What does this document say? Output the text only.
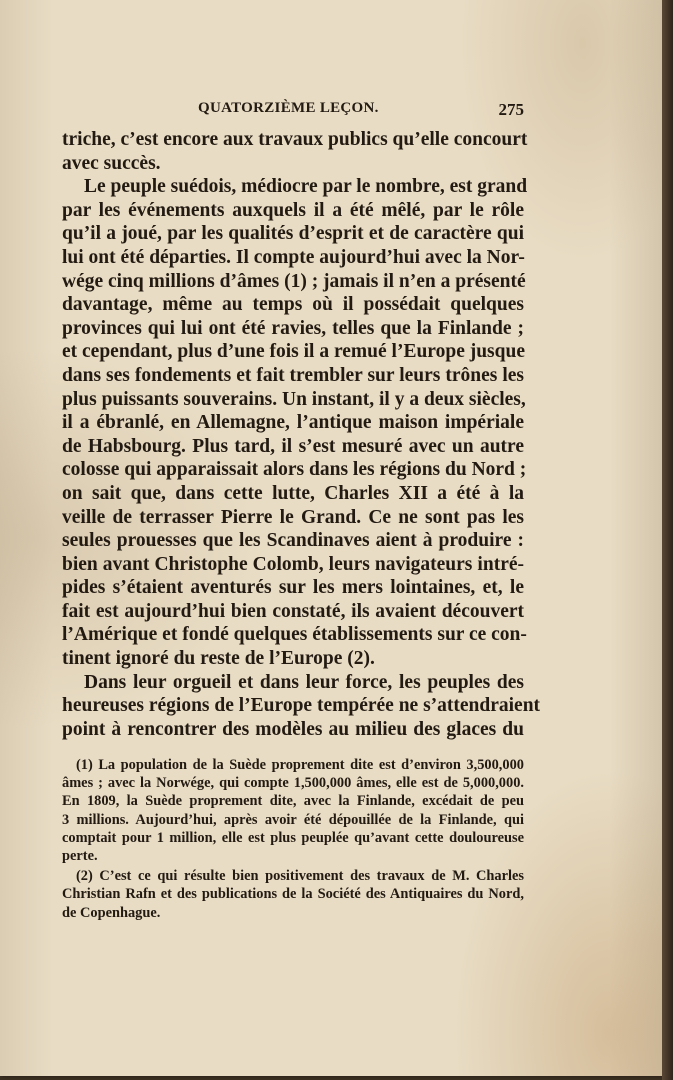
QUATORZIÈME LEÇON.	275
triche, c’est encore aux travaux publics qu’elle concourt
avec succès.
Le peuple suédois, médiocre par le nombre, est grand
par les événements auxquels il a été mêlé, par le rôle
qu’il a joué, par les qualités d’esprit et de caractère qui
lui ont été départies. Il compte aujourd’hui avec la Nor-
wége cinq millions d’âmes (1) ; jamais il n’en a présenté
davantage, même au temps où il possédait quelques
provinces qui lui ont été ravies, telles que la Finlande ;
et cependant, plus d’une fois il a remué l’Europe jusque
dans ses fondements et fait trembler sur leurs trônes les
plus puissants souverains. Un instant, il y a deux siècles,
il a ébranlé, en Allemagne, l’antique maison impériale
de Habsbourg. Plus tard, il s’est mesuré avec un autre
colosse qui apparaissait alors dans les régions du Nord ;
on sait que, dans cette lutte, Charles XII a été à la
veille de terrasser Pierre le Grand. Ce ne sont pas les
seules prouesses que les Scandinaves aient à produire :
bien avant Christophe Colomb, leurs navigateurs intré-
pides s’étaient aventurés sur les mers lointaines, et, le
fait est aujourd’hui bien constaté, ils avaient découvert
l’Amérique et fondé quelques établissements sur ce con-
tinent ignoré du reste de l’Europe (2).
Dans leur orgueil et dans leur force, les peuples des
heureuses régions de l’Europe tempérée ne s’attendraient
point à rencontrer des modèles au milieu des glaces du
(1) La population de la Suède proprement dite est d’environ 3,500,000
âmes ; avec la Norwége, qui compte 1,500,000 âmes, elle est de 5,000,000.
En 1809, la Suède proprement dite, avec la Finlande, excédait de peu
3 millions. Aujourd’hui, après avoir été dépouillée de la Finlande, qui
comptait pour 1 million, elle est plus peuplée qu’avant cette douloureuse
perte.
(2) C’est ce qui résulte bien positivement des travaux de M. Charles
Christian Rafn et des publications de la Société des Antiquaires du Nord,
de Copenhague.
